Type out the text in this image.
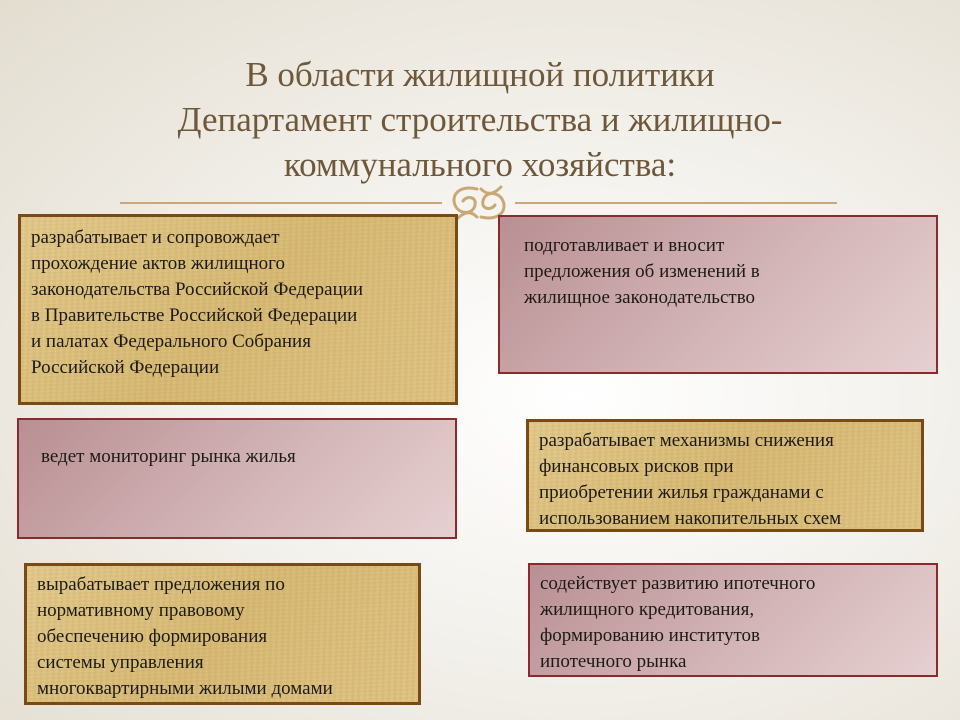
В области жилищной политики
Департамент строительства и жилищно-
коммунального хозяйства:
разрабатывает и сопровождает
прохождение актов жилищного
законодательства Российской Федерации
в Правительстве Российской Федерации
и палатах Федерального Собрания
Российской Федерации
подготавливает и вносит
предложения об изменений в
жилищное законодательство
ведет мониторинг рынка жилья
разрабатывает механизмы снижения
финансовых рисков при
приобретении жилья гражданами с
использованием накопительных схем
вырабатывает предложения по
нормативному правовому
обеспечению формирования
системы управления
многоквартирными жилыми домами
содействует развитию ипотечного
жилищного кредитования,
формированию институтов
ипотечного рынка
